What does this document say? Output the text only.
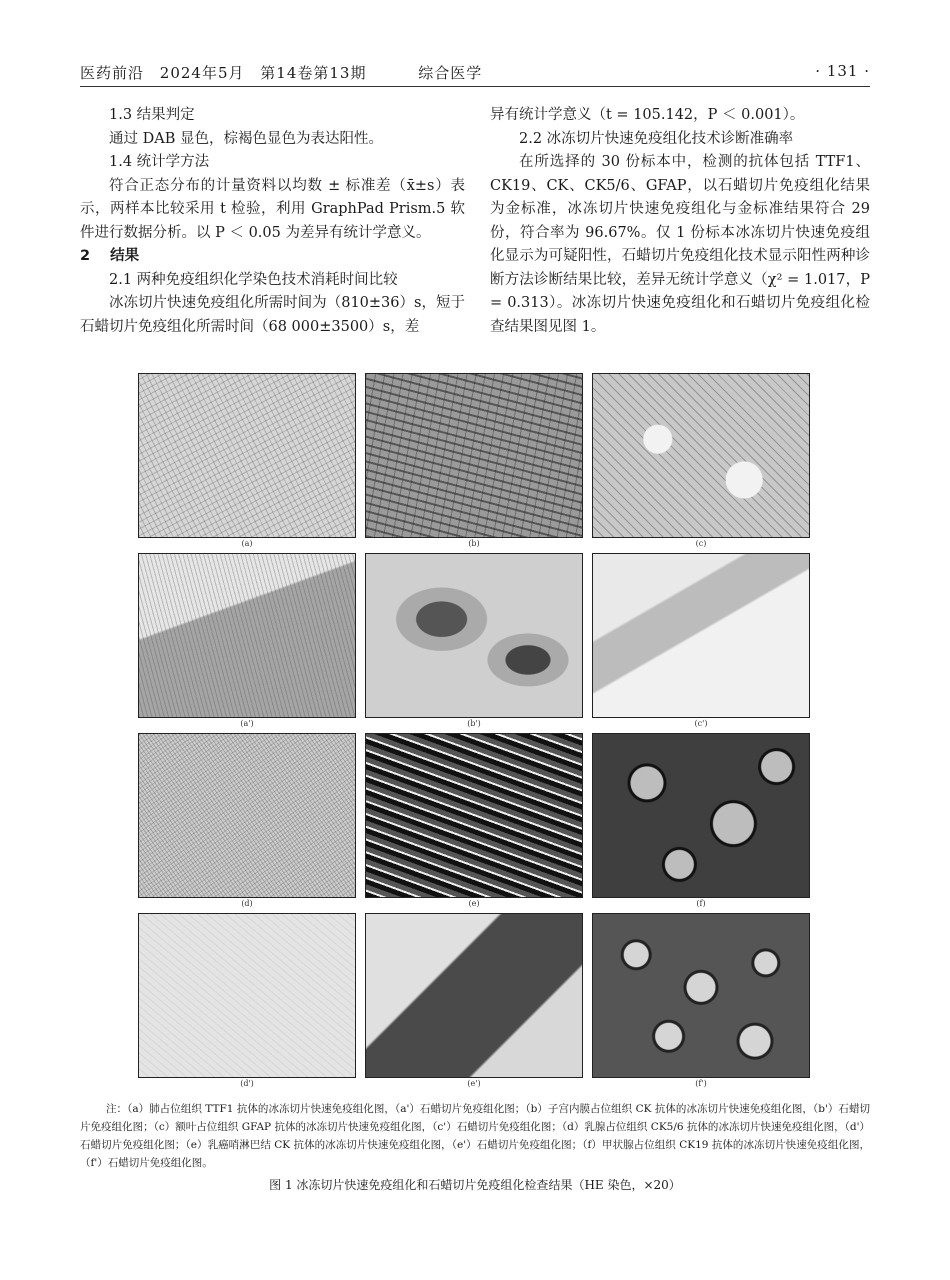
医药前沿 2024年5月 第14卷第13期	综合医学	· 131 ·

1.3 结果判定

通过 DAB 显色，棕褐色显色为表达阳性。

1.4 统计学方法

符合正态分布的计量资料以均数 ± 标准差（x̄±s）表示，两样本比较采用 t 检验，利用 GraphPad Prism.5 软件进行数据分析。以 P ＜ 0.05 为差异有统计学意义。

2 结果

2.1 两种免疫组织化学染色技术消耗时间比较

冰冻切片快速免疫组化所需时间为（810±36）s，短于石蜡切片免疫组化所需时间（68 000±3500）s，差

异有统计学意义（t = 105.142，P ＜ 0.001）。

2.2 冰冻切片快速免疫组化技术诊断准确率

在所选择的 30 份标本中，检测的抗体包括 TTF1、CK19、CK、CK5/6、GFAP，以石蜡切片免疫组化结果为金标准，冰冻切片快速免疫组化与金标准结果符合 29 份，符合率为 96.67%。仅 1 份标本冰冻切片快速免疫组化显示为可疑阳性，石蜡切片免疫组化技术显示阳性两种诊断方法诊断结果比较，差异无统计学意义（χ² = 1.017，P = 0.313）。冰冻切片快速免疫组化和石蜡切片免疫组化检查结果图见图 1。

(a)	(b)	(c)
(a')	(b')	(c')
(d)	(e)	(f)
(d')	(e')	(f')

注：（a）肺占位组织 TTF1 抗体的冰冻切片快速免疫组化图，（a'）石蜡切片免疫组化图；（b）子宫内膜占位组织 CK 抗体的冰冻切片快速免疫组化图，（b'）石蜡切片免疫组化图；（c）额叶占位组织 GFAP 抗体的冰冻切片快速免疫组化图，（c'）石蜡切片免疫组化图；（d）乳腺占位组织 CK5/6 抗体的冰冻切片快速免疫组化图，（d'）石蜡切片免疫组化图；（e）乳癌哨淋巴结 CK 抗体的冰冻切片快速免疫组化图，（e'）石蜡切片免疫组化图；（f）甲状腺占位组织 CK19 抗体的冰冻切片快速免疫组化图，（f'）石蜡切片免疫组化图。

图 1 冰冻切片快速免疫组化和石蜡切片免疫组化检查结果（HE 染色，×20）
